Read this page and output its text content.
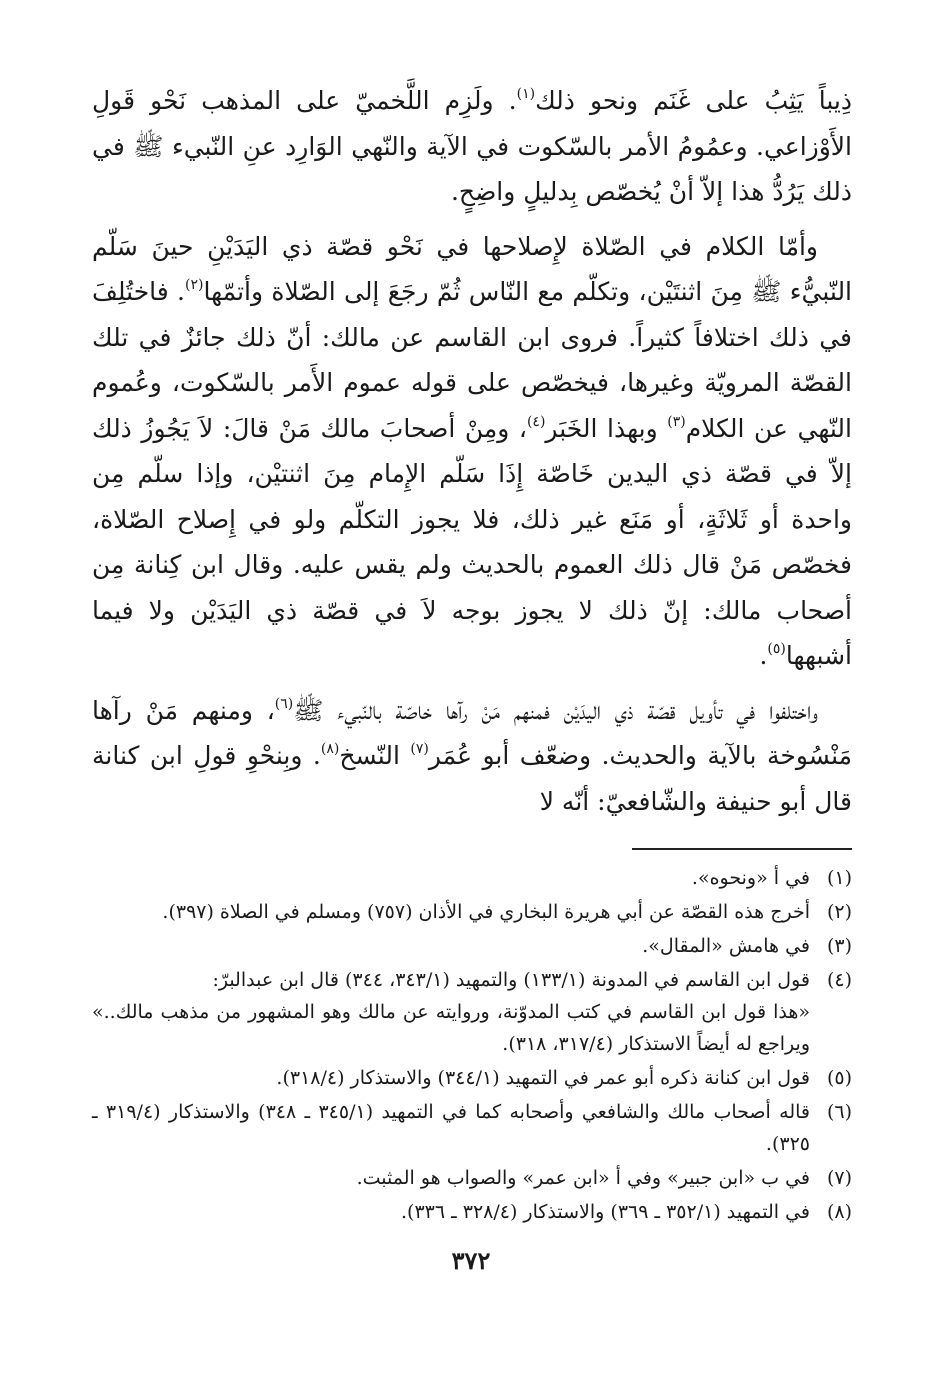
ذِيباً يَثِبُ على غَنَم ونحو ذلك$^{(١)}$. ولَزِم اللَّخميّ على المذهب نَحْو قَولِ الأَوْزاعي. وعمُومُ الأمر بالسّكوت في الآية والنّهي الوَارِد عنِ النّبيء ﷺ في ذلك يَرُدُّ هذا إلاّ أنْ يُخصّص بِدليلٍ واضِحٍ.

وأمّا الكلام في الصّلاة لإِصلاحها في نَحْو قصّة ذي اليَدَيْنِ حينَ سَلّم النّبيُّء ﷺ مِنَ اثنتَيْن، وتكلّم مع النّاس ثُمّ رجَعَ إلى الصّلاة وأتمّها$^{(٢)}$. فاختُلِفَ في ذلك اختلافاً كثيراً. فروى ابن القاسم عن مالك: أنّ ذلك جائزٌ في تلك القصّة المرويّة وغيرها، فيخصّص على قوله عموم الأَمر بالسّكوت، وعُموم النّهي عن الكلام$^{(٣)}$ وبهذا الخَبَر$^{(٤)}$، ومِنْ أصحابَ مالك مَنْ قالَ: لاَ يَجُوزُ ذلك إلاّ في قصّة ذي اليدين خَاصّة إِذَا سَلّم الإِمام مِنَ اثنتيْن، وإذا سلّم مِن واحدة أو ثَلاثَةٍ، أو مَنَع غير ذلك، فلا يجوز التكلّم ولو في إِصلاح الصّلاة، فخصّص مَنْ قال ذلك العموم بالحديث ولم يقس عليه. وقال ابن كِنانة مِن أصحاب مالك: إنّ ذلك لا يجوز بوجه لاَ في قصّة ذي اليَدَيْن ولا فيما أشبهها$^{(٥)}$.

واختلفوا في تأويل قصّة ذي اليدَيْن فمنهم مَنْ رآها خاصّة بالنّبيء ﷺ$^{(٦)}$، ومنهم مَنْ رآها مَنْسُوخة بالآية والحديث. وضعّف أبو عُمَر$^{(٧)}$ النّسخ$^{(٨)}$. وبِنحْوِ قولِ ابن كنانة قال أبو حنيفة والشّافعيّ: أنّه لا

(١)
في أ «ونحوه».
(٢)
أخرج هذه القصّة عن أبي هريرة البخاري في الأذان (٧٥٧) ومسلم في الصلاة (٣٩٧).
(٣)
في هامش «المقال».
(٤)
قول ابن القاسم في المدونة (١٣٣/١) والتمهيد (٣٤٣/١، ٣٤٤) قال ابن عبدالبرّ:
«هذا قول ابن القاسم في كتب المدوّنة، وروايته عن مالك وهو المشهور من مذهب مالك..» ويراجع له أيضاً الاستذكار (٣١٧/٤، ٣١٨).
(٥)
قول ابن كنانة ذكره أبو عمر في التمهيد (٣٤٤/١) والاستذكار (٣١٨/٤).
(٦)
قاله أصحاب مالك والشافعي وأصحابه كما في التمهيد (٣٤٥/١ ـ ٣٤٨) والاستذكار (٣١٩/٤ ـ ٣٢٥).
(٧)
في ب «ابن جبير» وفي أ «ابن عمر» والصواب هو المثبت.
(٨)
في التمهيد (٣٥٢/١ ـ ٣٦٩) والاستذكار (٣٢٨/٤ ـ ٣٣٦).
٣٧٢
